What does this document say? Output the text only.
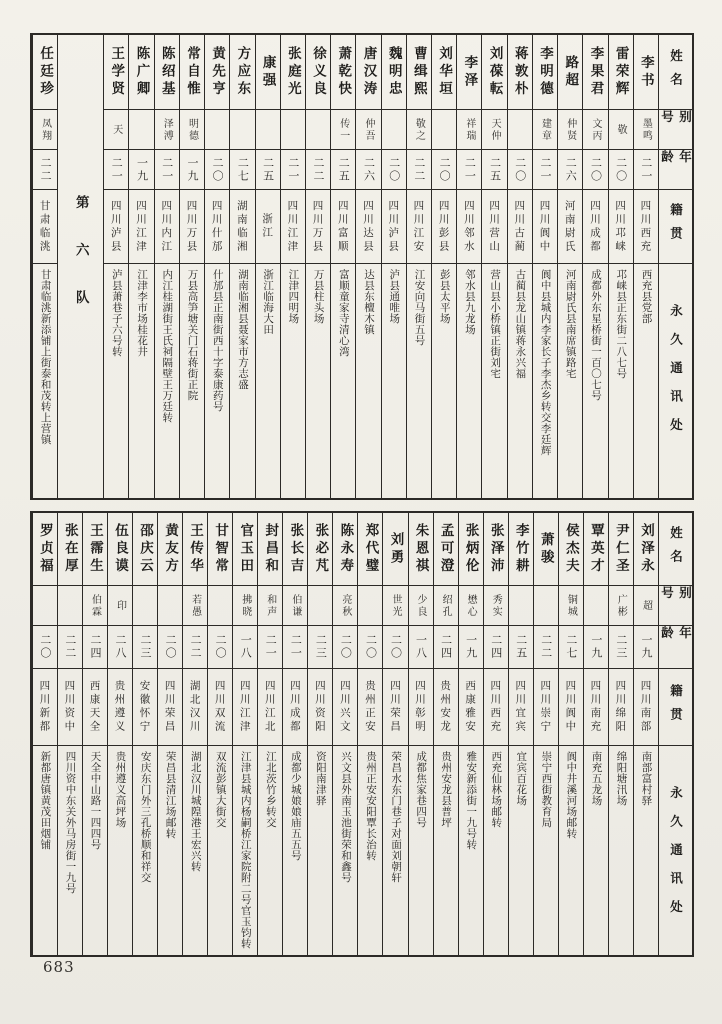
姓名
别号
年龄
籍贯
永久通讯处
李书
墨鸣
二一
四川西充
西充县党部
雷荣辉
敬
二〇
四川邛崃
邛崃县正东街二八七号
李果君
文丙
二〇
四川成都
成都外东星桥街一百〇七号
路超
仲贤
二六
河南尉氏
河南尉氏县南席镇路宅
李明德
建章
二一
四川阆中
阆中县城内李家长子李杰乡转交李廷辉
蒋敦朴
二〇
四川古蔺
古蔺县龙山镇蒋永兴福
刘葆転
天仲
二五
四川营山
营山县小桥镇正街刘宅
李泽
祥瑞
二一
四川邻水
邻水县九龙场
刘华垣
二〇
四川彭县
彭县太平场
曹缉熙
敬之
二二
四川江安
江安向马街五号
魏明忠
二〇
四川泸县
泸县通唯场
唐汉涛
仲吾
二六
四川达县
达县东檀木镇
萧乾快
传一
二五
四川富顺
富顺童家寺清心湾
徐义良
二二
四川万县
万县柱头场
张庭光
二一
四川江津
江津四明场
康强
二五
浙江
浙江临海大田
方应东
二七
湖南临湘
湖南临湘县聂家市方志盛
黄先亨
二〇
四川什邡
什邡县正南街西十字泰康药号
常自惟
明德
一九
四川万县
万县高笋塘关门石蒋街正院
陈绍基
泽溥
二一
四川内江
内江桂湖街王氏祠隔壁王万廷转
陈广卿
一九
四川江津
江津李市场桂花井
王学贤
天
二一
四川泸县
泸县萧巷子六号转
第六队
任廷珍
凤翔
二二
甘肃临洮
甘肃临洮新添铺上街泰和茂转上营镇
姓名
别号
年龄
籍贯
永久通讯处
刘泽永
超
一九
四川南部
南部富村驿
尹仁圣
广彬
二三
四川绵阳
绵阳塘汛场
覃英才
一九
四川南充
南充五龙场
侯杰夫
铜城
二七
四川阆中
阆中井溪河场邮转
萧骏
二二
四川崇宁
崇宁西街教育局
李竹耕
二五
四川宜宾
宜宾百花场
张泽沛
秀实
二四
四川西充
西充仙林场邮转
张炳伦
懋心
一九
西康雅安
雅安新添街一九号转
孟可澄
绍孔
二四
贵州安龙
贵州安龙县普坪
朱恩祺
少良
一八
四川彰明
成都焦家巷四号
刘勇
世光
二〇
四川荣昌
荣昌水东门巷子对面刘朝轩
郑代璧
二〇
贵州正安
贵州正安安阳覃长治转
陈永寿
亮秋
二〇
四川兴文
兴文县外南玉池街荣和鑫号
张必芃
二三
四川资阳
资阳南津驿
张长吉
伯谦
二一
四川成都
成都少城娘娘庙五五号
封昌和
和声
二一
四川江北
江北茨竹乡转交
官玉田
拂晓
一八
四川江津
江津县城内杨嗣桥江家院附二号官玉钧转
甘智常
二〇
四川双流
双流彭镇大街交
王传华
若愚
二二
湖北汉川
湖北汉川城隍港王宏兴转
黄友方
二〇
四川荣昌
荣昌县清江场邮转
邵庆云
二三
安徽怀宁
安庆东门外三孔桥顺和祥交
伍良谟
印
二八
贵州遵义
贵州遵义高坪场
王霈生
伯霖
二四
西康天全
天全中山路一四四号
张在厚
二二
四川资中
四川资中东关外马房街一九号
罗贞福
二〇
四川新都
新都唐镇黄茂田烟铺
683
